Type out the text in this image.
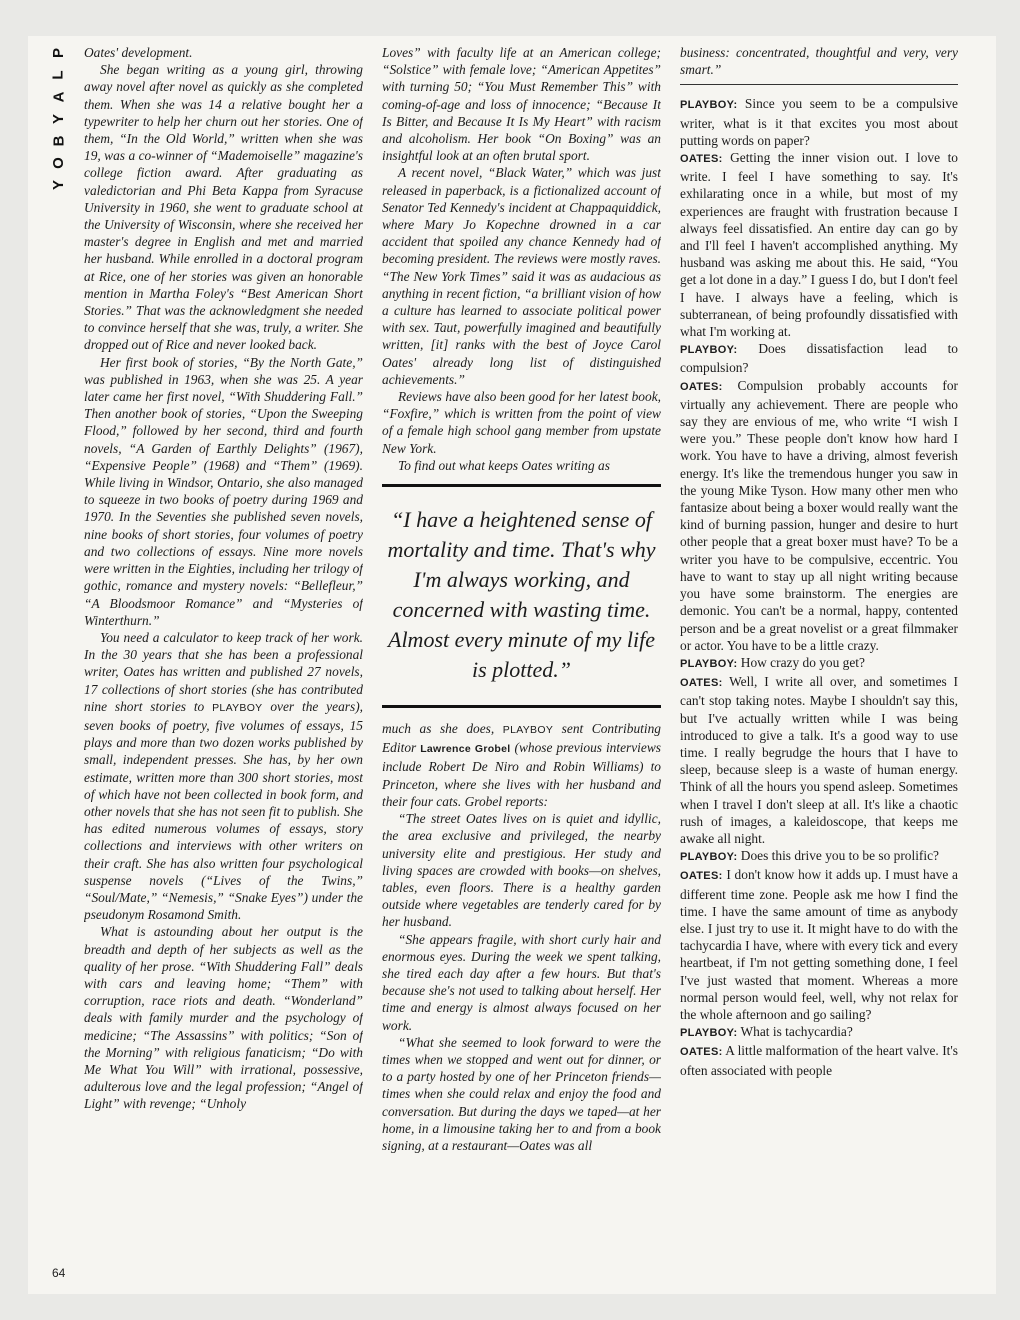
P
L
A
Y
B
O
Y
64

Oates' development.

She began writing as a young girl, throwing away novel after novel as quickly as she completed them. When she was 14 a relative bought her a typewriter to help her churn out her stories. One of them, “In the Old World,” written when she was 19, was a co-winner of “Mademoiselle” magazine's college fiction award. After graduating as valedictorian and Phi Beta Kappa from Syracuse University in 1960, she went to graduate school at the University of Wisconsin, where she received her master's degree in English and met and married her husband. While enrolled in a doctoral program at Rice, one of her stories was given an honorable mention in Martha Foley's “Best American Short Stories.” That was the acknowledgment she needed to convince herself that she was, truly, a writer. She dropped out of Rice and never looked back.

Her first book of stories, “By the North Gate,” was published in 1963, when she was 25. A year later came her first novel, “With Shuddering Fall.” Then another book of stories, “Upon the Sweeping Flood,” followed by her second, third and fourth novels, “A Garden of Earthly Delights” (1967), “Expensive People” (1968) and “Them” (1969). While living in Windsor, Ontario, she also managed to squeeze in two books of poetry during 1969 and 1970. In the Seventies she published seven novels, nine books of short stories, four volumes of poetry and two collections of essays. Nine more novels were written in the Eighties, including her trilogy of gothic, romance and mystery novels: “Bellefleur,” “A Bloodsmoor Romance” and “Mysteries of Winterthurn.”

You need a calculator to keep track of her work. In the 30 years that she has been a professional writer, Oates has written and published 27 novels, 17 collections of short stories (she has contributed nine short stories to PLAYBOY over the years), seven books of poetry, five volumes of essays, 15 plays and more than two dozen works published by small, independent presses. She has, by her own estimate, written more than 300 short stories, most of which have not been collected in book form, and other novels that she has not seen fit to publish. She has edited numerous volumes of essays, story collections and interviews with other writers on their craft. She has also written four psychological suspense novels (“Lives of the Twins,” “Soul/Mate,” “Nemesis,” “Snake Eyes”) under the pseudonym Rosamond Smith.

What is astounding about her output is the breadth and depth of her subjects as well as the quality of her prose. “With Shuddering Fall” deals with cars and leaving home; “Them” with corruption, race riots and death. “Wonderland” deals with family murder and the psychology of medicine; “The Assassins” with politics; “Son of the Morning” with religious fanaticism; “Do with Me What You Will” with irrational, possessive, adulterous love and the legal profession; “Angel of Light” with revenge; “Unholy

Loves” with faculty life at an American college; “Solstice” with female love; “American Appetites” with turning 50; “You Must Remember This” with coming-of-age and loss of innocence; “Because It Is Bitter, and Because It Is My Heart” with racism and alcoholism. Her book “On Boxing” was an insightful look at an often brutal sport.

A recent novel, “Black Water,” which was just released in paperback, is a fictionalized account of Senator Ted Kennedy's incident at Chappaquiddick, where Mary Jo Kopechne drowned in a car accident that spoiled any chance Kennedy had of becoming president. The reviews were mostly raves. “The New York Times” said it was as audacious as anything in recent fiction, “a brilliant vision of how a culture has learned to associate political power with sex. Taut, powerfully imagined and beautifully written, [it] ranks with the best of Joyce Carol Oates' already long list of distinguished achievements.”

Reviews have also been good for her latest book, “Foxfire,” which is written from the point of view of a female high school gang member from upstate New York.

To find out what keeps Oates writing as

“I have a heightened sense of mortality and time. That's why I'm always working, and concerned with wasting time. Almost every minute of my life is plotted.”

much as she does, PLAYBOY sent Contributing Editor Lawrence Grobel (whose previous interviews include Robert De Niro and Robin Williams) to Princeton, where she lives with her husband and their four cats. Grobel reports:

“The street Oates lives on is quiet and idyllic, the area exclusive and privileged, the nearby university elite and prestigious. Her study and living spaces are crowded with books—on shelves, tables, even floors. There is a healthy garden outside where vegetables are tenderly cared for by her husband.

“She appears fragile, with short curly hair and enormous eyes. During the week we spent talking, she tired each day after a few hours. But that's because she's not used to talking about herself. Her time and energy is almost always focused on her work.

“What she seemed to look forward to were the times when we stopped and went out for dinner, or to a party hosted by one of her Princeton friends—times when she could relax and enjoy the food and conversation. But during the days we taped—at her home, in a limousine taking her to and from a book signing, at a restaurant—Oates was all

business: concentrated, thoughtful and very, very smart.”

PLAYBOY: Since you seem to be a compulsive writer, what is it that excites you most about putting words on paper?

OATES: Getting the inner vision out. I love to write. I feel I have something to say. It's exhilarating once in a while, but most of my experiences are fraught with frustration because I always feel dissatisfied. An entire day can go by and I'll feel I haven't accomplished anything. My husband was asking me about this. He said, “You get a lot done in a day.” I guess I do, but I don't feel I have. I always have a feeling, which is subterranean, of being profoundly dissatisfied with what I'm working at.

PLAYBOY: Does dissatisfaction lead to compulsion?

OATES: Compulsion probably accounts for virtually any achievement. There are people who say they are envious of me, who write “I wish I were you.” These people don't know how hard I work. You have to have a driving, almost feverish energy. It's like the tremendous hunger you saw in the young Mike Tyson. How many other men who fantasize about being a boxer would really want the kind of burning passion, hunger and desire to hurt other people that a great boxer must have? To be a writer you have to be compulsive, eccentric. You have to want to stay up all night writing because you have some brainstorm. The energies are demonic. You can't be a normal, happy, contented person and be a great novelist or a great filmmaker or actor. You have to be a little crazy.

PLAYBOY: How crazy do you get?

OATES: Well, I write all over, and sometimes I can't stop taking notes. Maybe I shouldn't say this, but I've actually written while I was being introduced to give a talk. It's a good way to use time. I really begrudge the hours that I have to sleep, because sleep is a waste of human energy. Think of all the hours you spend asleep. Sometimes when I travel I don't sleep at all. It's like a chaotic rush of images, a kaleidoscope, that keeps me awake all night.

PLAYBOY: Does this drive you to be so prolific?

OATES: I don't know how it adds up. I must have a different time zone. People ask me how I find the time. I have the same amount of time as anybody else. I just try to use it. It might have to do with the tachycardia I have, where with every tick and every heartbeat, if I'm not getting something done, I feel I've just wasted that moment. Whereas a more normal person would feel, well, why not relax for the whole afternoon and go sailing?

PLAYBOY: What is tachycardia?

OATES: A little malformation of the heart valve. It's often associated with people
